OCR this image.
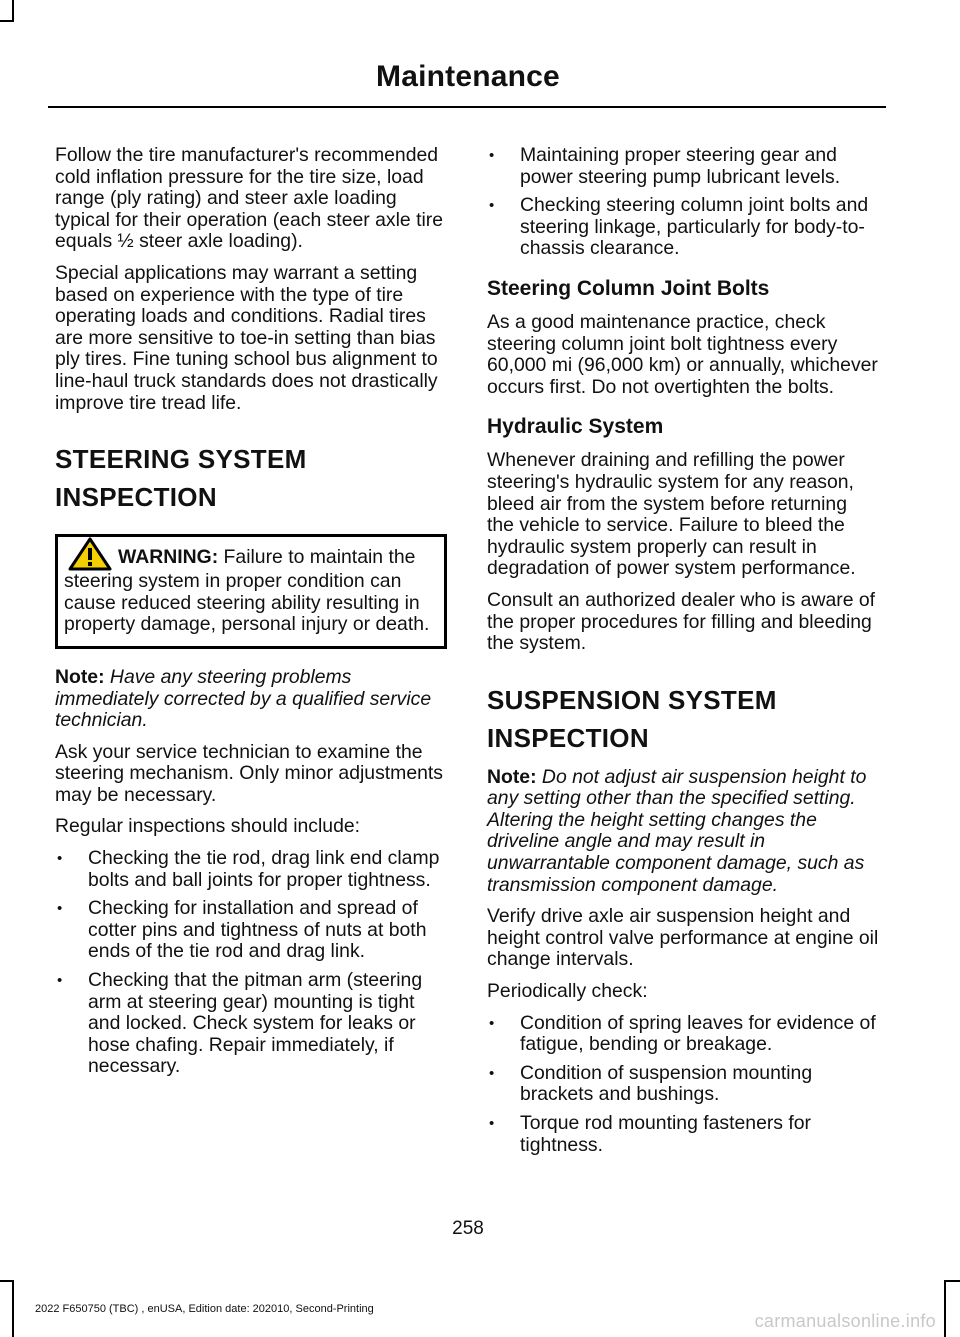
Maintenance

Follow the tire manufacturer's recommended cold inflation pressure for the tire size, load range (ply rating) and steer axle loading typical for their operation (each steer axle tire equals ½ steer axle loading).

Special applications may warrant a setting based on experience with the type of tire operating loads and conditions. Radial tires are more sensitive to toe-in setting than bias ply tires. Fine tuning school bus alignment to line-haul truck standards does not drastically improve tire tread life.

STEERING SYSTEM
INSPECTION
WARNING: Failure to maintain the steering system in proper condition can cause reduced steering ability resulting in property damage, personal injury or death.

Note: Have any steering problems immediately corrected by a qualified service technician.

Ask your service technician to examine the steering mechanism. Only minor adjustments may be necessary.

Regular inspections should include:

• Checking the tie rod, drag link end clamp bolts and ball joints for proper tightness.
• Checking for installation and spread of cotter pins and tightness of nuts at both ends of the tie rod and drag link.
• Checking that the pitman arm (steering arm at steering gear) mounting is tight and locked. Check system for leaks or hose chafing. Repair immediately, if necessary.
• Maintaining proper steering gear and power steering pump lubricant levels.
• Checking steering column joint bolts and steering linkage, particularly for body-to-chassis clearance.
Steering Column Joint Bolts

As a good maintenance practice, check steering column joint bolt tightness every 60,000 mi (96,000 km) or annually, whichever occurs first. Do not overtighten the bolts.

Hydraulic System

Whenever draining and refilling the power steering's hydraulic system for any reason, bleed air from the system before returning the vehicle to service. Failure to bleed the hydraulic system properly can result in degradation of power system performance.

Consult an authorized dealer who is aware of the proper procedures for filling and bleeding the system.

SUSPENSION SYSTEM
INSPECTION

Note: Do not adjust air suspension height to any setting other than the specified setting. Altering the height setting changes the driveline angle and may result in unwarrantable component damage, such as transmission component damage.

Verify drive axle air suspension height and height control valve performance at engine oil change intervals.

Periodically check:

• Condition of spring leaves for evidence of fatigue, bending or breakage.
• Condition of suspension mounting brackets and bushings.
• Torque rod mounting fasteners for tightness.
258
2022 F650750 (TBC) , enUSA, Edition date: 202010, Second-Printing
carmanualsonline.info
